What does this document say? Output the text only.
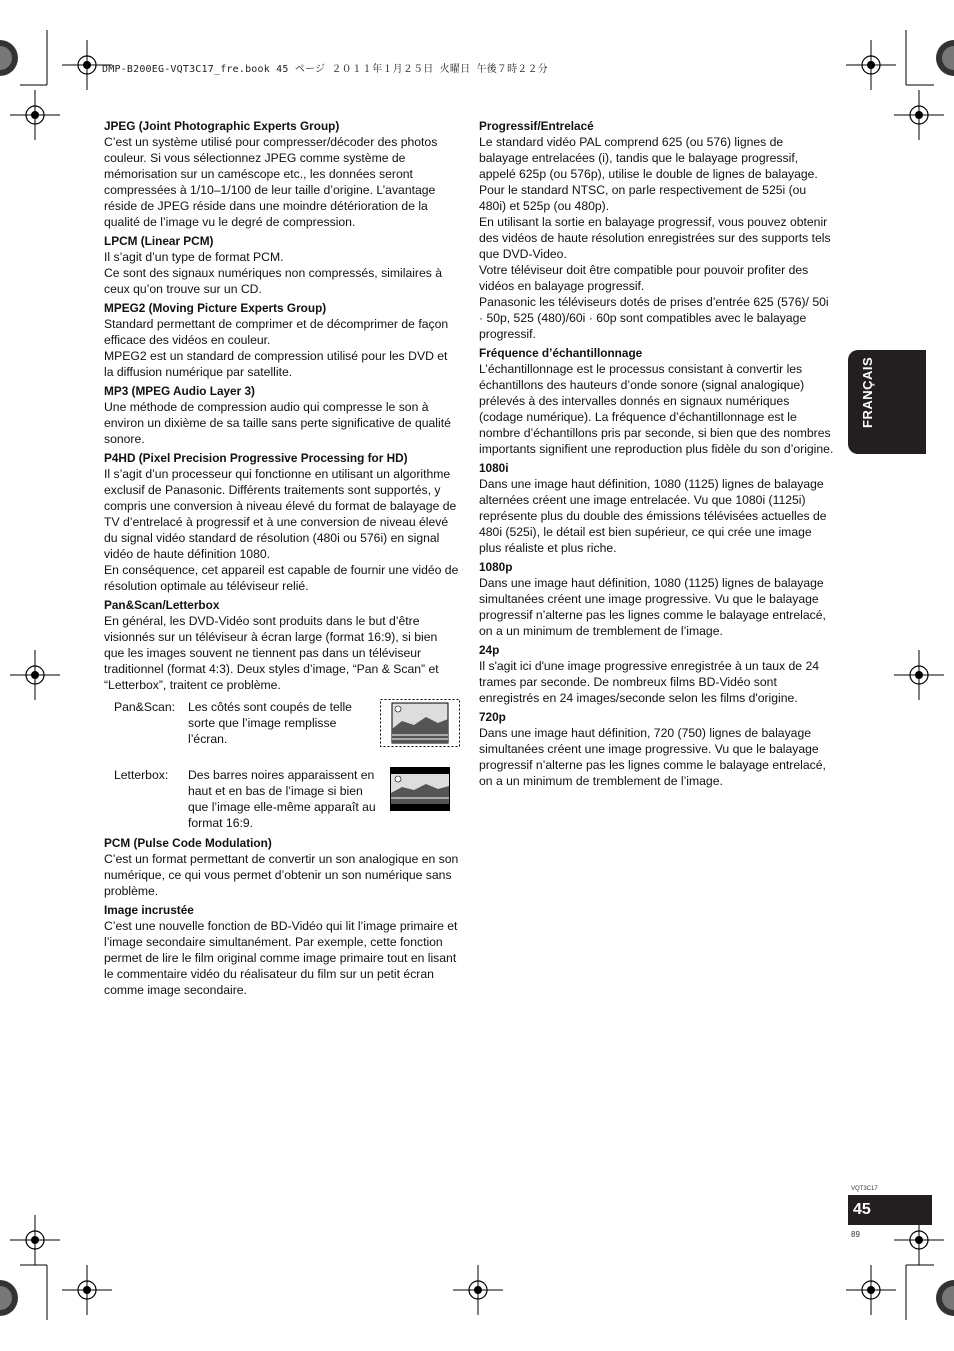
DMP-B200EG-VQT3C17_fre.book 45 ページ ２０１１年１月２５日 火曜日 午後７時２２分
JPEG (Joint Photographic Experts Group)

C’est un système utilisé pour compresser/décoder des photos couleur. Si vous sélectionnez JPEG comme système de mémorisation sur un caméscope etc., les données seront compressées à 1/10–1/100 de leur taille d’origine. L’avantage réside de JPEG réside dans une moindre détérioration de la qualité de l’image vu le degré de compression.

LPCM (Linear PCM)

Il s’agit d’un type de format PCM.

Ce sont des signaux numériques non compressés, similaires à ceux qu’on trouve sur un CD.

MPEG2 (Moving Picture Experts Group)

Standard permettant de comprimer et de décomprimer de façon efficace des vidéos en couleur.

MPEG2 est un standard de compression utilisé pour les DVD et la diffusion numérique par satellite.

MP3 (MPEG Audio Layer 3)

Une méthode de compression audio qui compresse le son à environ un dixième de sa taille sans perte significative de qualité sonore.

P4HD (Pixel Precision Progressive Processing for HD)

Il s’agit d’un processeur qui fonctionne en utilisant un algorithme exclusif de Panasonic. Différents traitements sont supportés, y compris une conversion à niveau élevé du format de balayage de TV d’entrelacé à progressif et à une conversion de niveau élevé du signal vidéo standard de résolution (480i ou 576i) en signal vidéo de haute définition 1080.

En conséquence, cet appareil est capable de fournir une vidéo de résolution optimale au téléviseur relié.

Pan&Scan/Letterbox

En général, les DVD-Vidéo sont produits dans le but d’être visionnés sur un téléviseur à écran large (format 16:9), si bien que les images souvent ne tiennent pas dans un téléviseur traditionnel (format 4:3). Deux styles d’image, “Pan & Scan” et “Letterbox”, traitent ce problème.

Pan&Scan:	Les côtés sont coupés de telle sorte que l’image remplisse l’écran.
Letterbox:	Des barres noires apparaissent en haut et en bas de l’image si bien que l’image elle-même apparaît au format 16:9.
PCM (Pulse Code Modulation)

C’est un format permettant de convertir un son analogique en son numérique, ce qui vous permet d’obtenir un son numérique sans problème.

Image incrustée

C’est une nouvelle fonction de BD-Vidéo qui lit l’image primaire et l’image secondaire simultanément. Par exemple, cette fonction permet de lire le film original comme image primaire tout en lisant le commentaire vidéo du réalisateur du film sur un petit écran comme image secondaire.

Progressif/Entrelacé

Le standard vidéo PAL comprend 625 (ou 576) lignes de balayage entrelacées (i), tandis que le balayage progressif, appelé 625p (ou 576p), utilise le double de lignes de balayage. Pour le standard NTSC, on parle respectivement de 525i (ou 480i) et 525p (ou 480p).

En utilisant la sortie en balayage progressif, vous pouvez obtenir des vidéos de haute résolution enregistrées sur des supports tels que DVD-Video.

Votre téléviseur doit être compatible pour pouvoir profiter des vidéos en balayage progressif.

Panasonic les téléviseurs dotés de prises d’entrée 625 (576)/ 50i · 50p, 525 (480)/60i · 60p sont compatibles avec le balayage progressif.

Fréquence d’échantillonnage

L’échantillonnage est le processus consistant à convertir les échantillons des hauteurs d’onde sonore (signal analogique) prélevés à des intervalles donnés en signaux numériques (codage numérique). La fréquence d’échantillonnage est le nombre d’échantillons pris par seconde, si bien que des nombres importants signifient une reproduction plus fidèle du son d’origine.

1080i

Dans une image haut définition, 1080 (1125) lignes de balayage alternées créent une image entrelacée. Vu que 1080i (1125i) représente plus du double des émissions télévisées actuelles de 480i (525i), le détail est bien supérieur, ce qui crée une image plus réaliste et plus riche.

1080p

Dans une image haut définition, 1080 (1125) lignes de balayage simultanées créent une image progressive. Vu que le balayage progressif n’alterne pas les lignes comme le balayage entrelacé, on a un minimum de tremblement de l’image.

24p

Il s'agit ici d'une image progressive enregistrée à un taux de 24 trames par seconde. De nombreux films BD-Vidéo sont enregistrés en 24 images/seconde selon les films d'origine.

720p

Dans une image haut définition, 720 (750) lignes de balayage simultanées créent une image progressive. Vu que le balayage progressif n’alterne pas les lignes comme le balayage entrelacé, on a un minimum de tremblement de l’image.

FRANÇAIS
VQT3C17
45
89
